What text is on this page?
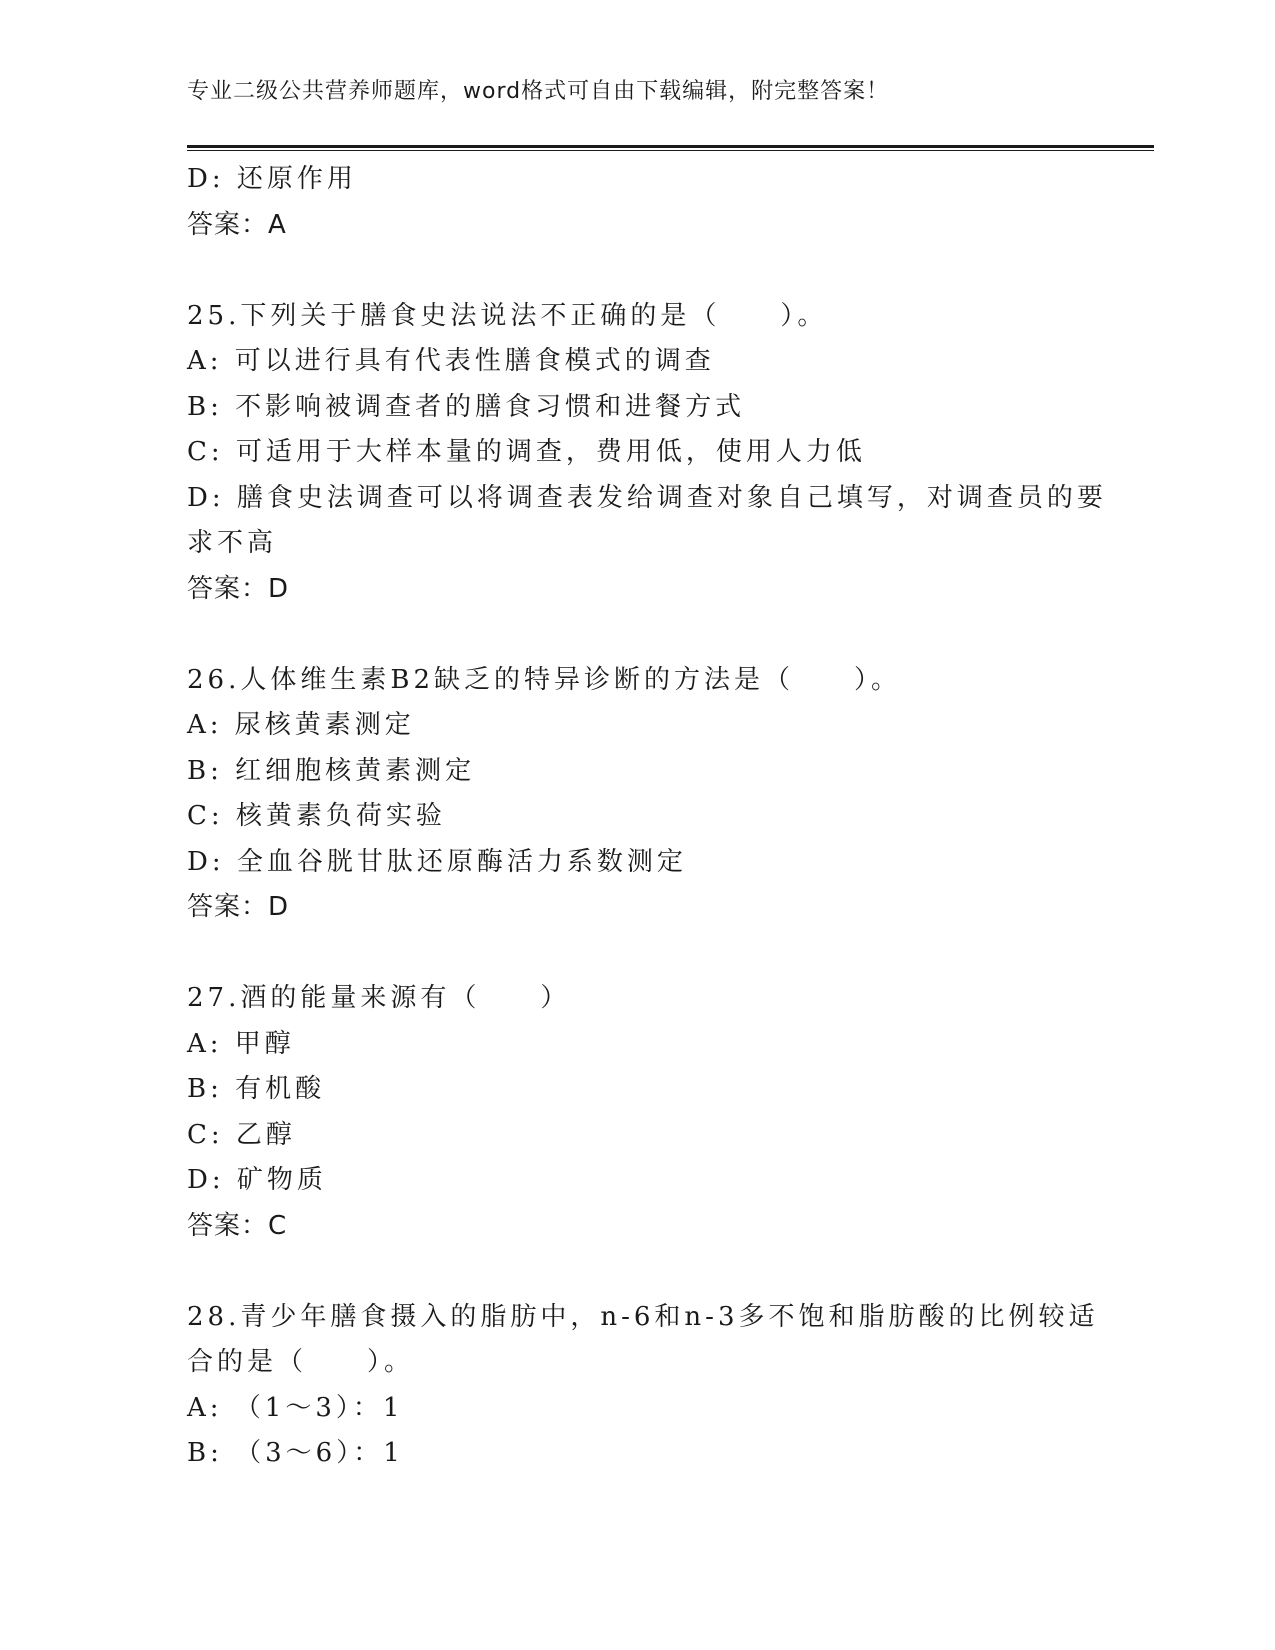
专业二级公共营养师题库，word格式可自由下载编辑，附完整答案！
D: 还原作用
答案：A
25.下列关于膳食史法说法不正确的是（　　）。
A: 可以进行具有代表性膳食模式的调查
B: 不影响被调查者的膳食习惯和进餐方式
C: 可适用于大样本量的调查，费用低，使用人力低
D: 膳食史法调查可以将调查表发给调查对象自己填写，对调查员的要
求不高
答案：D
26.人体维生素B2缺乏的特异诊断的方法是（　　）。
A: 尿核黄素测定
B: 红细胞核黄素测定
C: 核黄素负荷实验
D: 全血谷胱甘肽还原酶活力系数测定
答案：D
27.酒的能量来源有（　　）
A: 甲醇
B: 有机酸
C: 乙醇
D: 矿物质
答案：C
28.青少年膳食摄入的脂肪中，n-6和n-3多不饱和脂肪酸的比例较适
合的是（　　）。
A: （1～3）：1
B: （3～6）：1
